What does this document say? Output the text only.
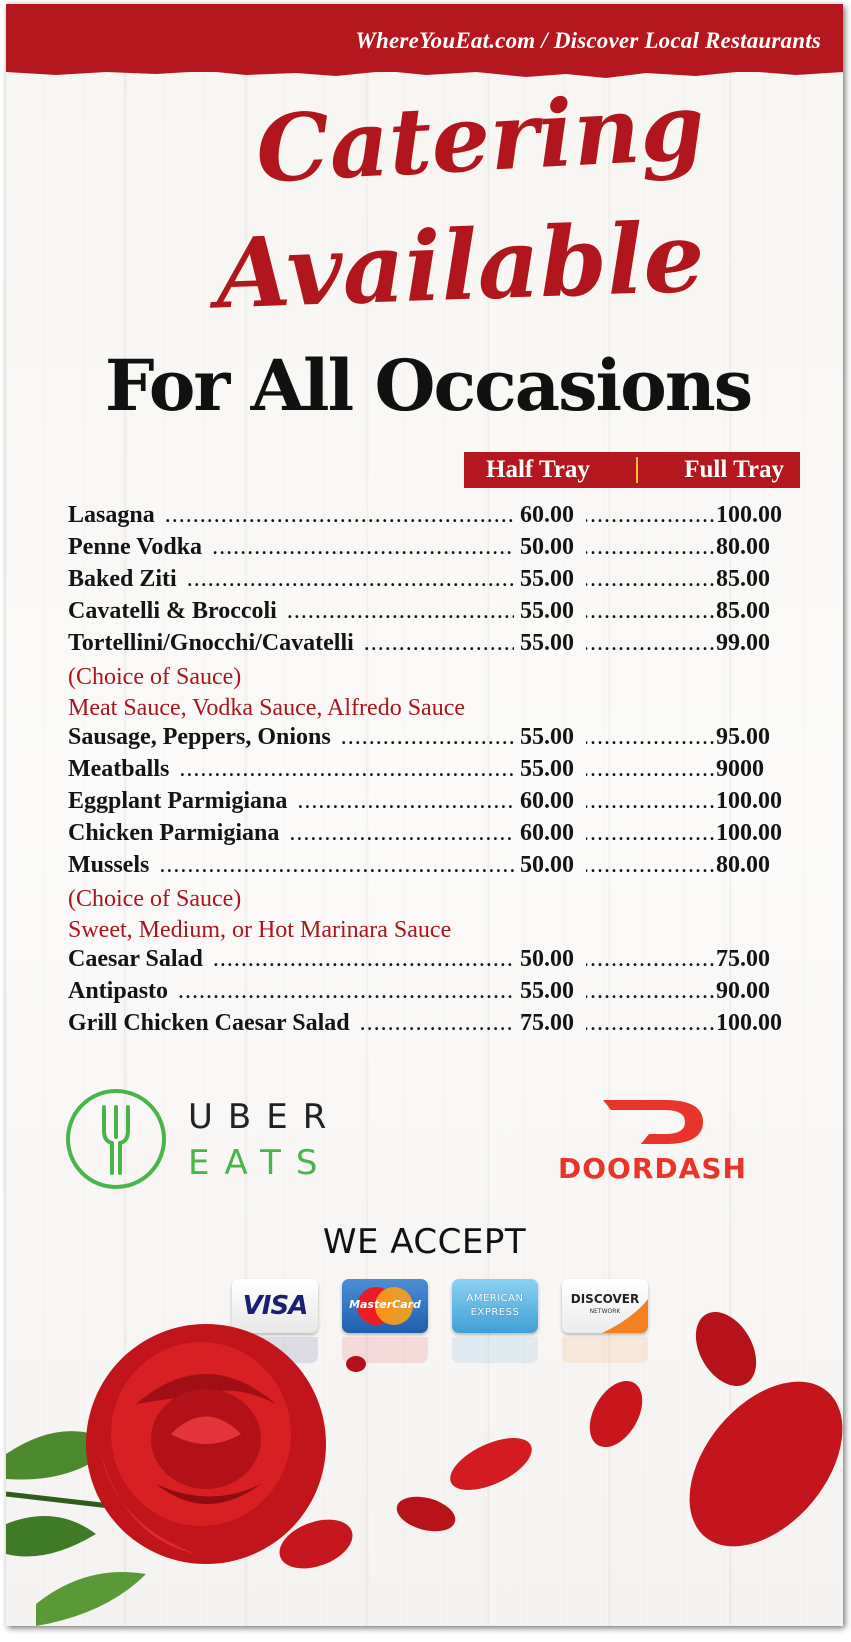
WhereYouEat.com / Discover Local Restaurants
Catering
Available
For All Occasions
Half Tray	Full Tray
Lasagna .....	60.00 .....	100.00
Penne Vodka .....	50.00 .....	80.00
Baked Ziti .....	55.00 .....	85.00
Cavatelli & Broccoli .....	55.00 .....	85.00
Tortellini/Gnocchi/Cavatelli .....	55.00 .....	99.00
(Choice of Sauce)
Meat Sauce, Vodka Sauce, Alfredo Sauce
Sausage, Peppers, Onions .....	55.00 .....	95.00
Meatballs .....	55.00 .....	9000
Eggplant Parmigiana .....	60.00 .....	100.00
Chicken Parmigiana .....	60.00 .....	100.00
Mussels .....	50.00 .....	80.00
(Choice of Sauce)
Sweet, Medium, or Hot Marinara Sauce
Caesar Salad .....	50.00 .....	75.00
Antipasto .....	55.00 .....	90.00
Grill Chicken Caesar Salad .....	75.00 .....	100.00
UBER
EATS	DOORDASH
WE ACCEPT
VISA	MasterCard	AMERICAN
EXPRESS
DISCOVER
NETWORK
